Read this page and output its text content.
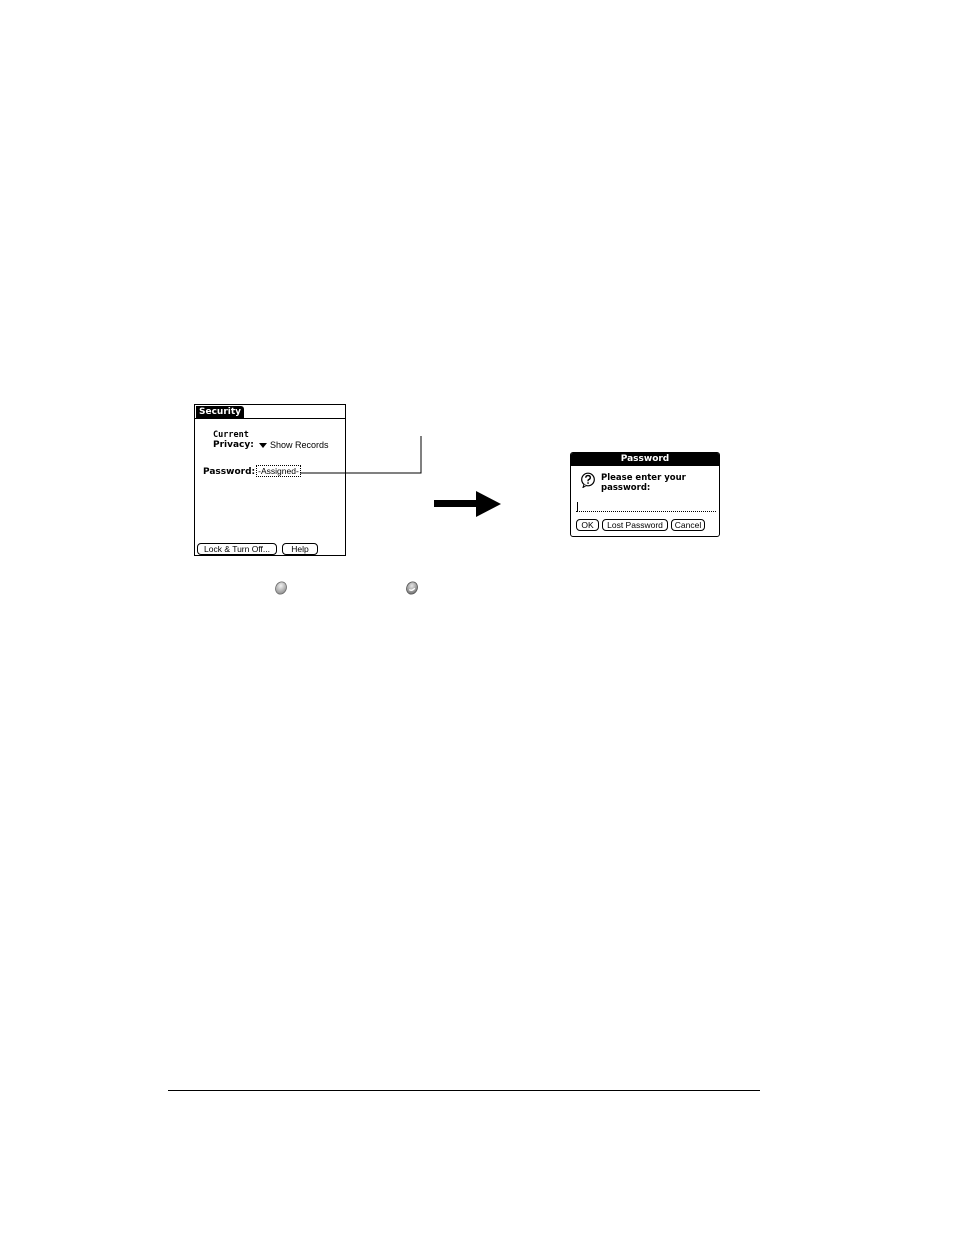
Security
Current
Privacy: Show Records
Password: -Assigned-
Lock & Turn Off...	Help
Password
Please enter your password:
OK	Lost Password	Cancel
